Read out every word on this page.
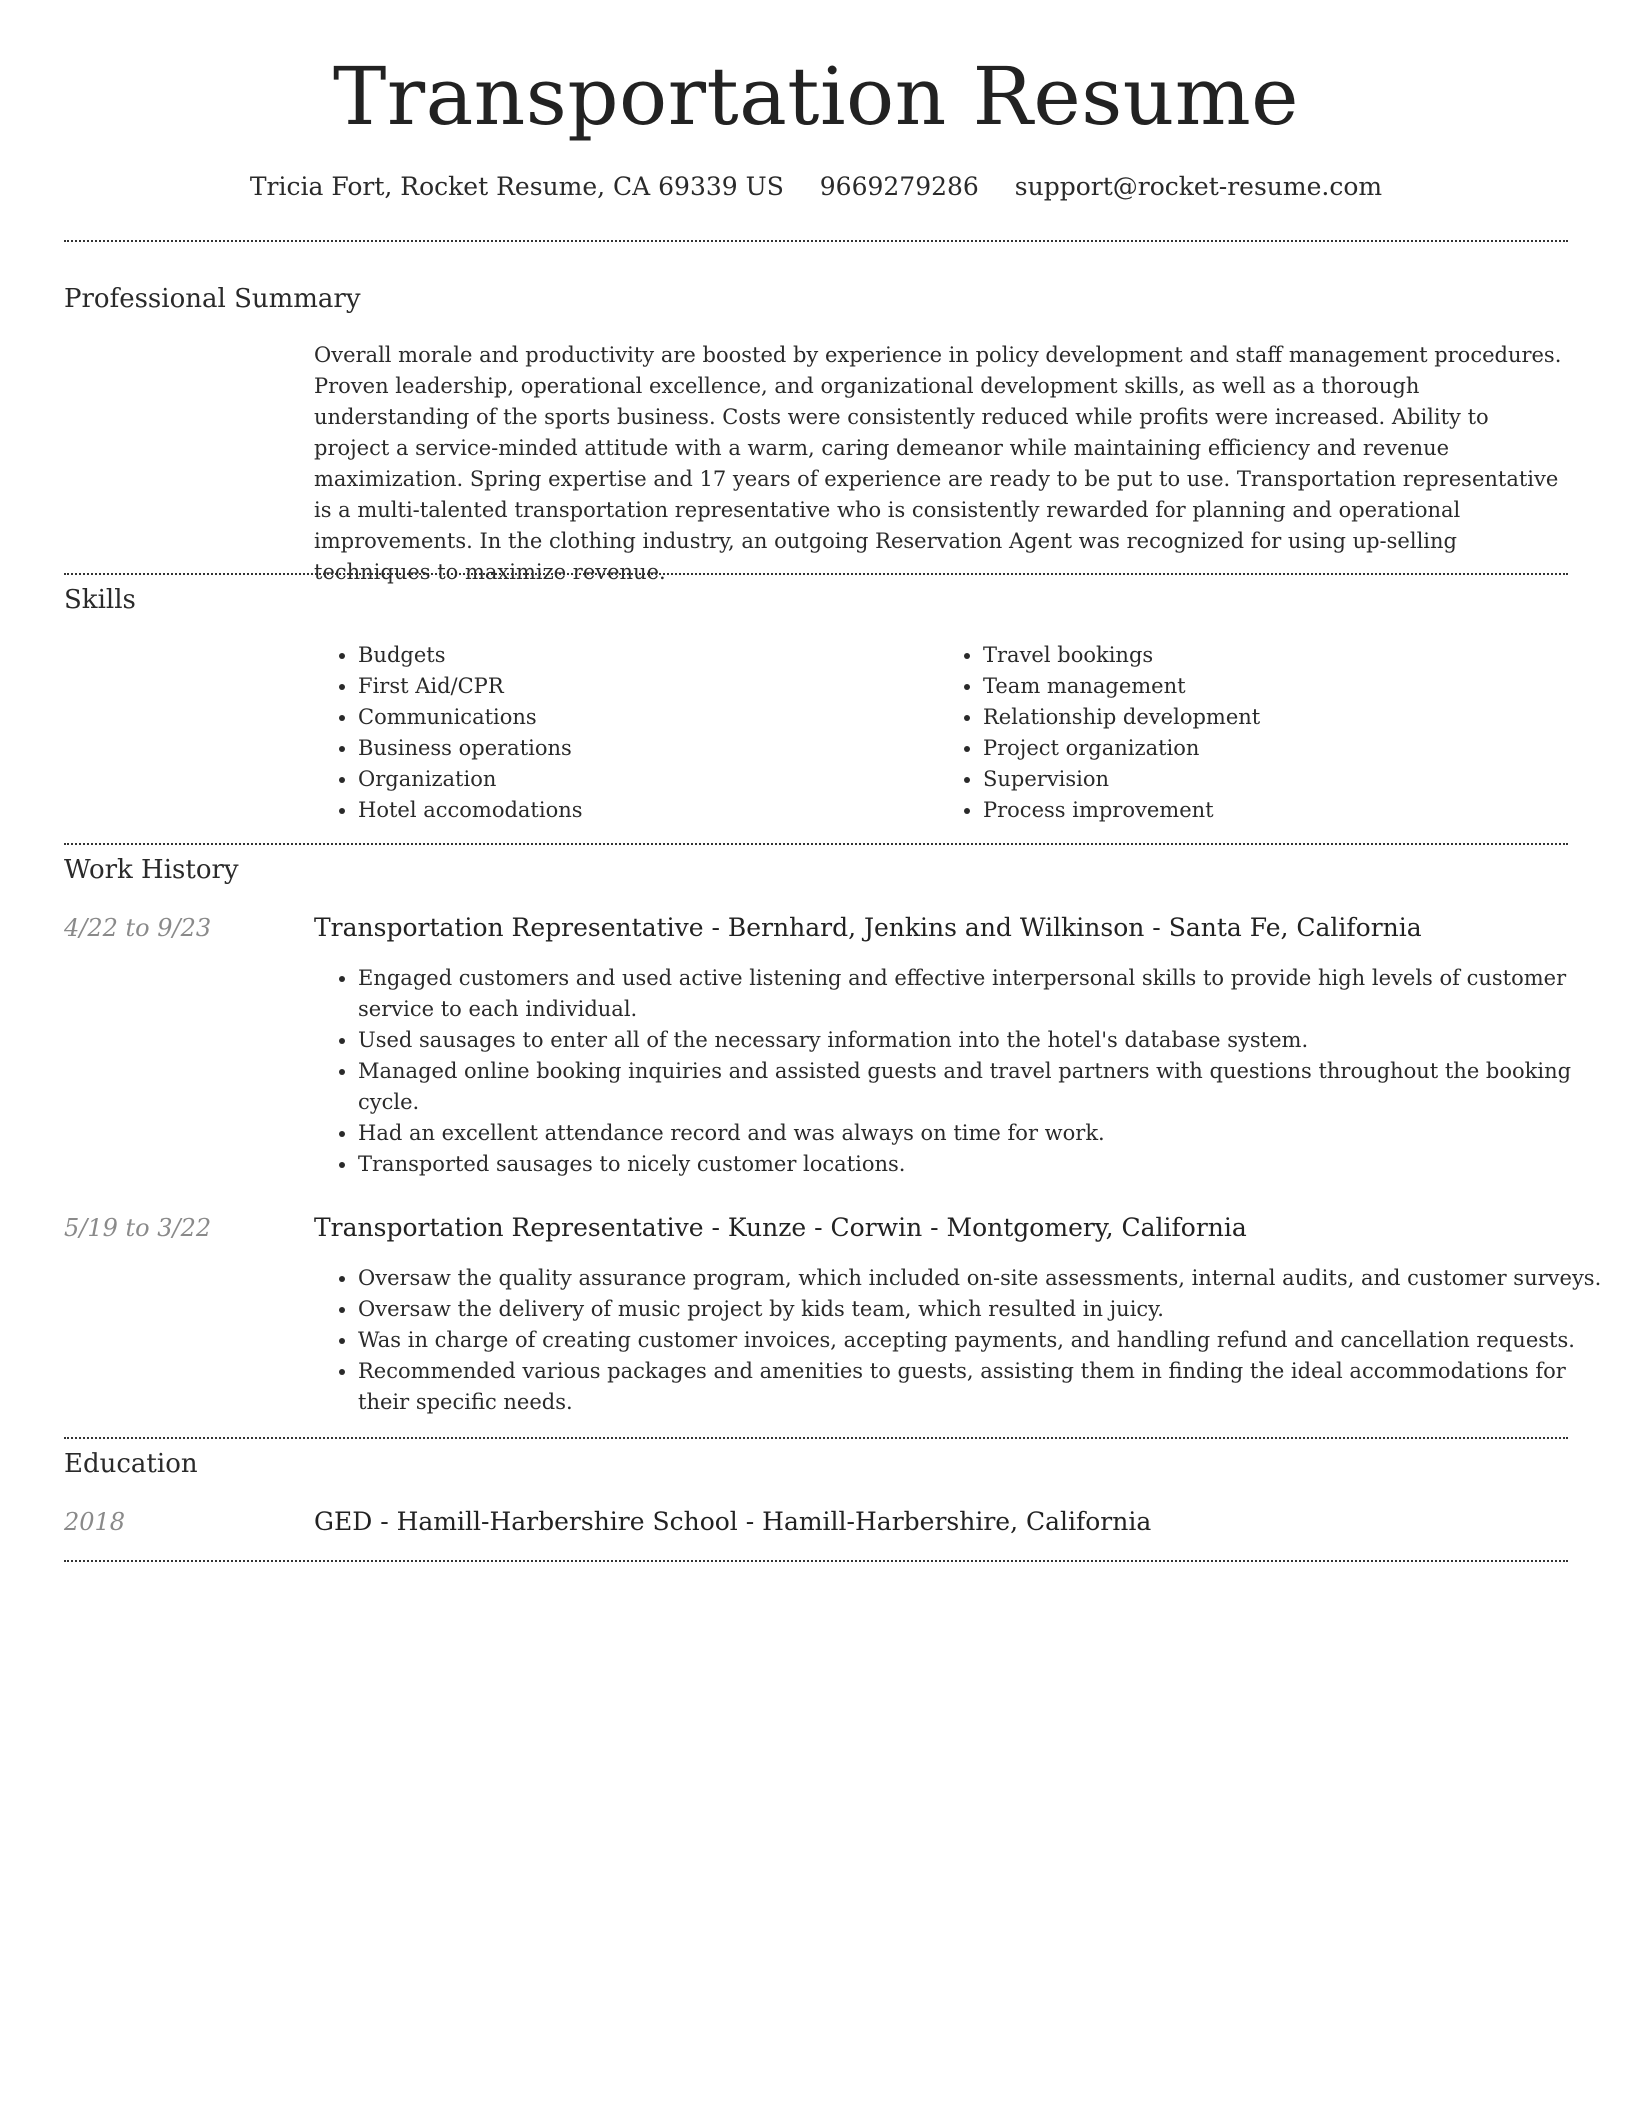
Transportation Resume
Tricia Fort, Rocket Resume, CA 69339 US 9669279286 support@rocket-resume.com
Professional Summary
Overall morale and productivity are boosted by experience in policy development and staff management procedures. Proven leadership, operational excellence, and organizational development skills, as well as a thorough understanding of the sports business. Costs were consistently reduced while profits were increased. Ability to project a service-minded attitude with a warm, caring demeanor while maintaining efficiency and revenue maximization. Spring expertise and 17 years of experience are ready to be put to use. Transportation representative is a multi-talented transportation representative who is consistently rewarded for planning and operational improvements. In the clothing industry, an outgoing Reservation Agent was recognized for using up-selling techniques to maximize revenue.
Skills
• Budgets
• First Aid/CPR
• Communications
• Business operations
• Organization
• Hotel accomodations
• Travel bookings
• Team management
• Relationship development
• Project organization
• Supervision
• Process improvement
Work History
4/22 to 9/23	Transportation Representative - Bernhard, Jenkins and Wilkinson - Santa Fe, California
• Engaged customers and used active listening and effective interpersonal skills to provide high levels of customer service to each individual.
• Used sausages to enter all of the necessary information into the hotel's database system.
• Managed online booking inquiries and assisted guests and travel partners with questions throughout the booking cycle.
• Had an excellent attendance record and was always on time for work.
• Transported sausages to nicely customer locations.
5/19 to 3/22	Transportation Representative - Kunze - Corwin - Montgomery, California
• Oversaw the quality assurance program, which included on-site assessments, internal audits, and customer surveys.
• Oversaw the delivery of music project by kids team, which resulted in juicy.
• Was in charge of creating customer invoices, accepting payments, and handling refund and cancellation requests.
• Recommended various packages and amenities to guests, assisting them in finding the ideal accommodations for their specific needs.
Education
2018	GED - Hamill-Harbershire School - Hamill-Harbershire, California
